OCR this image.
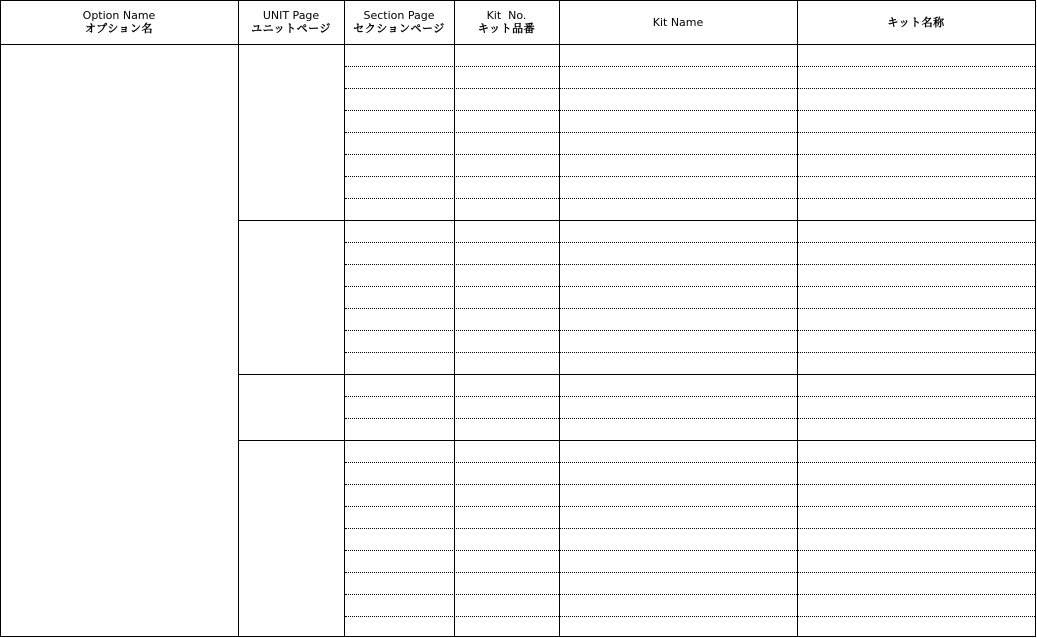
Option Name
オプション名
UNIT Page
ユニットページ
Section Page
セクションページ
Kit  No.
キット品番	Kit Name	キット名称
